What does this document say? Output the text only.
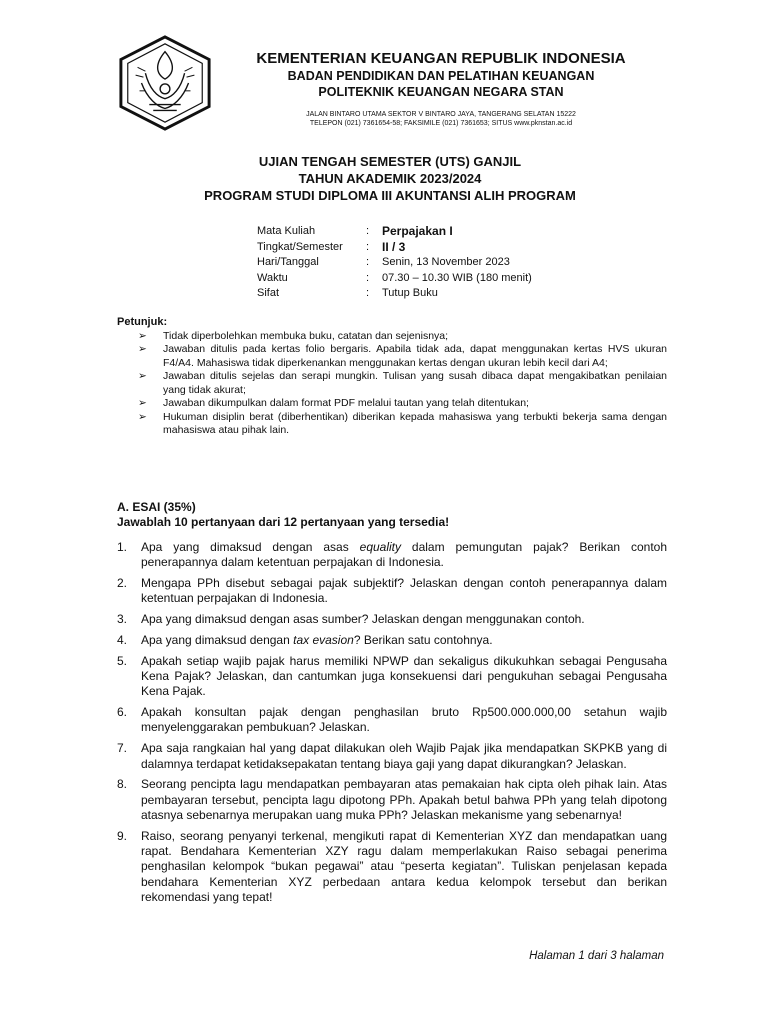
KEMENTERIAN KEUANGAN REPUBLIK INDONESIA
BADAN PENDIDIKAN DAN PELATIHAN KEUANGAN
POLITEKNIK KEUANGAN NEGARA STAN
JALAN BINTARO UTAMA SEKTOR V BINTARO JAYA, TANGERANG SELATAN 15222
TELEPON (021) 7361654-58; FAKSIMILE (021) 7361653; SITUS www.pknstan.ac.id
UJIAN TENGAH SEMESTER (UTS) GANJIL
TAHUN AKADEMIK 2023/2024
PROGRAM STUDI DIPLOMA III AKUNTANSI ALIH PROGRAM
Mata Kuliah	:	Perpajakan I
Tingkat/Semester	:	II / 3
Hari/Tanggal	:	Senin, 13 November 2023
Waktu	:	07.30 – 10.30 WIB (180 menit)
Sifat	:	Tutup Buku
Petunjuk:
➢	Tidak diperbolehkan membuka buku, catatan dan sejenisnya;
➢	Jawaban ditulis pada kertas folio bergaris. Apabila tidak ada, dapat menggunakan kertas HVS ukuran F4/A4. Mahasiswa tidak diperkenankan menggunakan kertas dengan ukuran lebih kecil dari A4;
➢	Jawaban ditulis sejelas dan serapi mungkin. Tulisan yang susah dibaca dapat mengakibatkan penilaian yang tidak akurat;
➢	Jawaban dikumpulkan dalam format PDF melalui tautan yang telah ditentukan;
➢	Hukuman disiplin berat (diberhentikan) diberikan kepada mahasiswa yang terbukti bekerja sama dengan mahasiswa atau pihak lain.
A. ESAI (35%)
Jawablah 10 pertanyaan dari 12 pertanyaan yang tersedia!
1.	Apa yang dimaksud dengan asas equality dalam pemungutan pajak? Berikan contoh penerapannya dalam ketentuan perpajakan di Indonesia.
2.	Mengapa PPh disebut sebagai pajak subjektif? Jelaskan dengan contoh penerapannya dalam ketentuan perpajakan di Indonesia.
3.	Apa yang dimaksud dengan asas sumber? Jelaskan dengan menggunakan contoh.
4.	Apa yang dimaksud dengan tax evasion? Berikan satu contohnya.
5.	Apakah setiap wajib pajak harus memiliki NPWP dan sekaligus dikukuhkan sebagai Pengusaha Kena Pajak? Jelaskan, dan cantumkan juga konsekuensi dari pengukuhan sebagai Pengusaha Kena Pajak.
6.	Apakah konsultan pajak dengan penghasilan bruto Rp500.000.000,00 setahun wajib menyelenggarakan pembukuan? Jelaskan.
7.	Apa saja rangkaian hal yang dapat dilakukan oleh Wajib Pajak jika mendapatkan SKPKB yang di dalamnya terdapat ketidaksepakatan tentang biaya gaji yang dapat dikurangkan? Jelaskan.
8.	Seorang pencipta lagu mendapatkan pembayaran atas pemakaian hak cipta oleh pihak lain. Atas pembayaran tersebut, pencipta lagu dipotong PPh. Apakah betul bahwa PPh yang telah dipotong atasnya sebenarnya merupakan uang muka PPh? Jelaskan mekanisme yang sebenarnya!
9.	Raiso, seorang penyanyi terkenal, mengikuti rapat di Kementerian XYZ dan mendapatkan uang rapat. Bendahara Kementerian XZY ragu dalam memperlakukan Raiso sebagai penerima penghasilan kelompok “bukan pegawai” atau “peserta kegiatan”. Tuliskan penjelasan kepada bendahara Kementerian XYZ perbedaan antara kedua kelompok tersebut dan berikan rekomendasi yang tepat!
Halaman 1 dari 3 halaman
